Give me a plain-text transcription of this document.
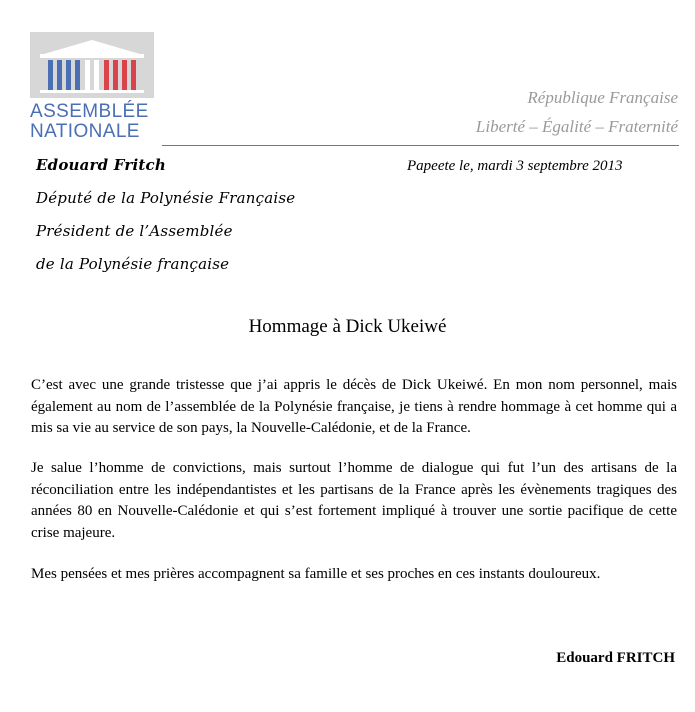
ASSEMBLÉE
NATIONALE
République Française
Liberté – Égalité – Fraternité
Edouard Fritch
Député de la Polynésie Française
Président de l’Assemblée
de la Polynésie française
Papeete le, mardi 3 septembre 2013
Hommage à Dick Ukeiwé
C’est avec une grande tristesse que j’ai appris le décès de Dick Ukeiwé. En mon nom personnel, mais également au nom de l’assemblée de la Polynésie française, je tiens à rendre hommage à cet homme qui a mis sa vie au service de son pays, la Nouvelle-Calédonie, et de la France.
Je salue l’homme de convictions, mais surtout l’homme de dialogue qui fut l’un des artisans de la réconciliation entre les indépendantistes et les partisans de la France après les évènements tragiques des années 80 en Nouvelle-Calédonie et qui s’est fortement impliqué à trouver une sortie pacifique de cette crise majeure.
Mes pensées et mes prières accompagnent sa famille et ses proches en ces instants douloureux.
Edouard FRITCH
